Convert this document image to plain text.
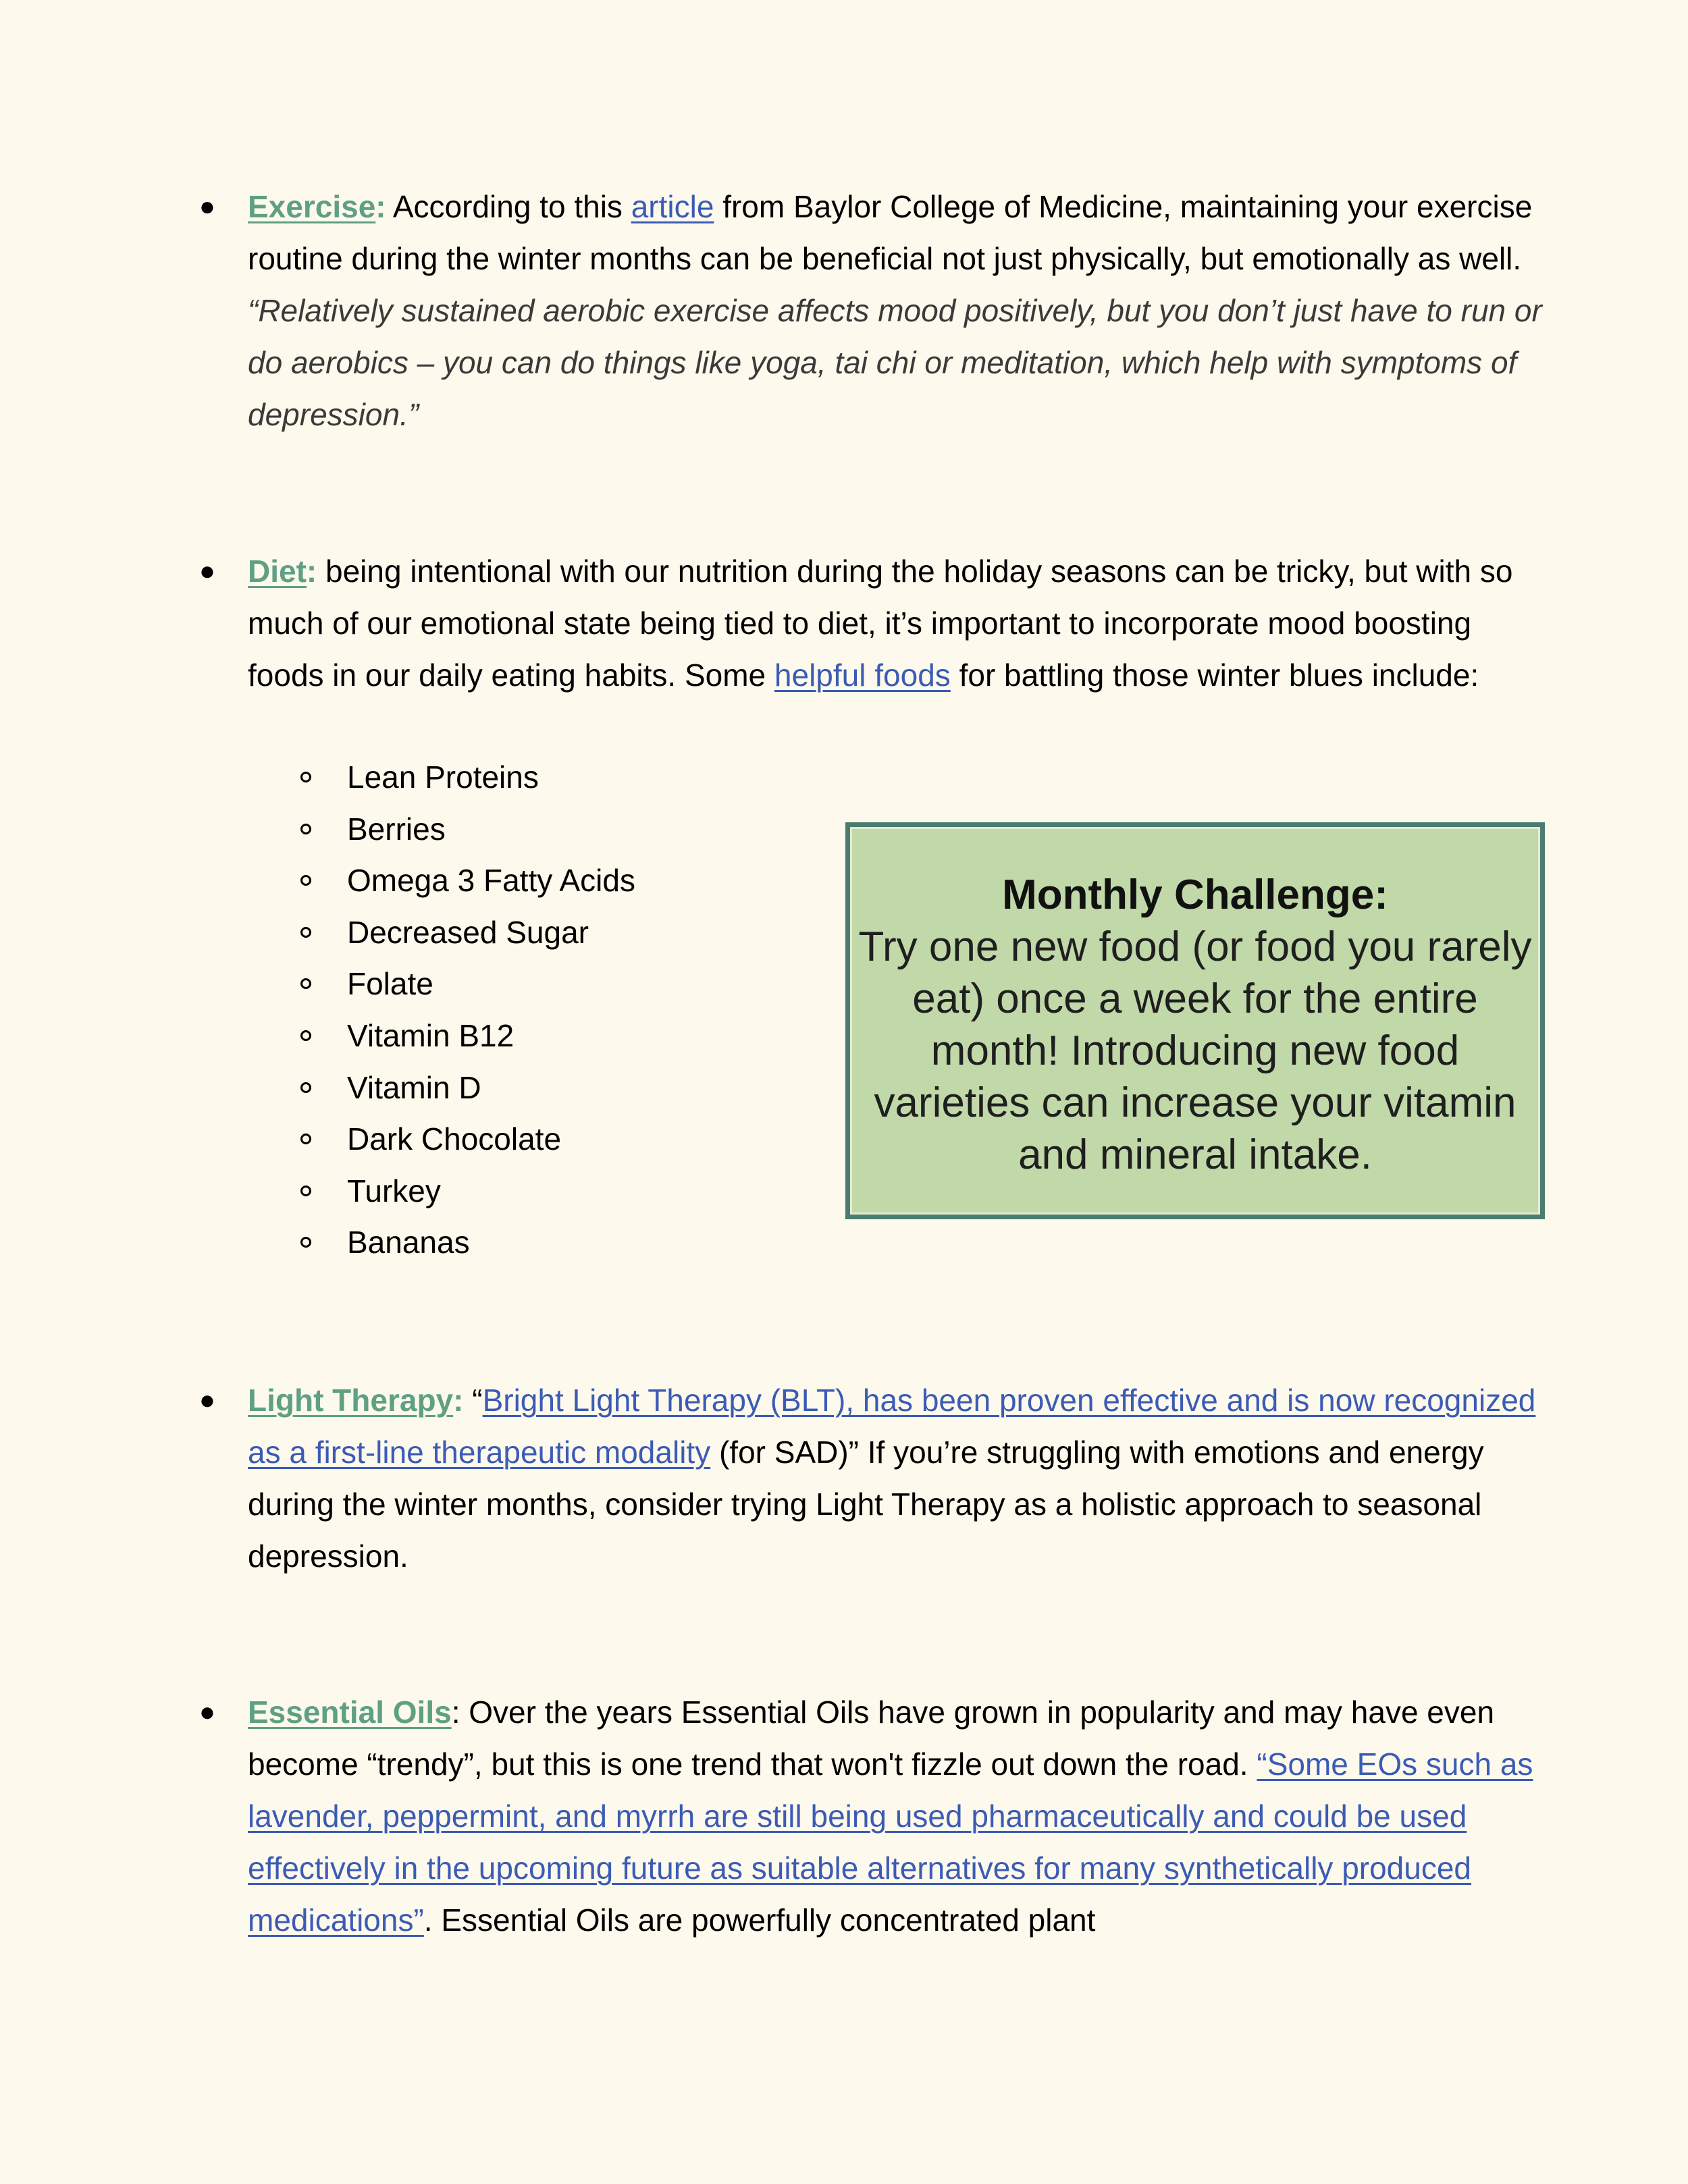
● Exercise: According to this article from Baylor College of Medicine, maintaining your exercise routine during the winter months can be beneficial not just physically, but emotionally as well. “Relatively sustained aerobic exercise affects mood positively, but you don’t just have to run or do aerobics – you can do things like yoga, tai chi or meditation, which help with symptoms of depression.”
● Diet: being intentional with our nutrition during the holiday seasons can be tricky, but with so much of our emotional state being tied to diet, it’s important to incorporate mood boosting foods in our daily eating habits. Some helpful foods for battling those winter blues include:
Lean Proteins
Berries
Omega 3 Fatty Acids
Decreased Sugar
Folate
Vitamin B12
Vitamin D
Dark Chocolate
Turkey
Bananas
Monthly Challenge:
Try one new food (or food you rarely eat) once a week for the entire month! Introducing new food varieties can increase your vitamin and mineral intake.
● Light Therapy: “Bright Light Therapy (BLT), has been proven effective and is now recognized as a first-line therapeutic modality (for SAD)” If you’re struggling with emotions and energy during the winter months, consider trying Light Therapy as a holistic approach to seasonal depression.
● Essential Oils: Over the years Essential Oils have grown in popularity and may have even become “trendy”, but this is one trend that won't fizzle out down the road. “Some EOs such as lavender, peppermint, and myrrh are still being used pharmaceutically and could be used effectively in the upcoming future as suitable alternatives for many synthetically produced medications”. Essential Oils are powerfully concentrated plant
